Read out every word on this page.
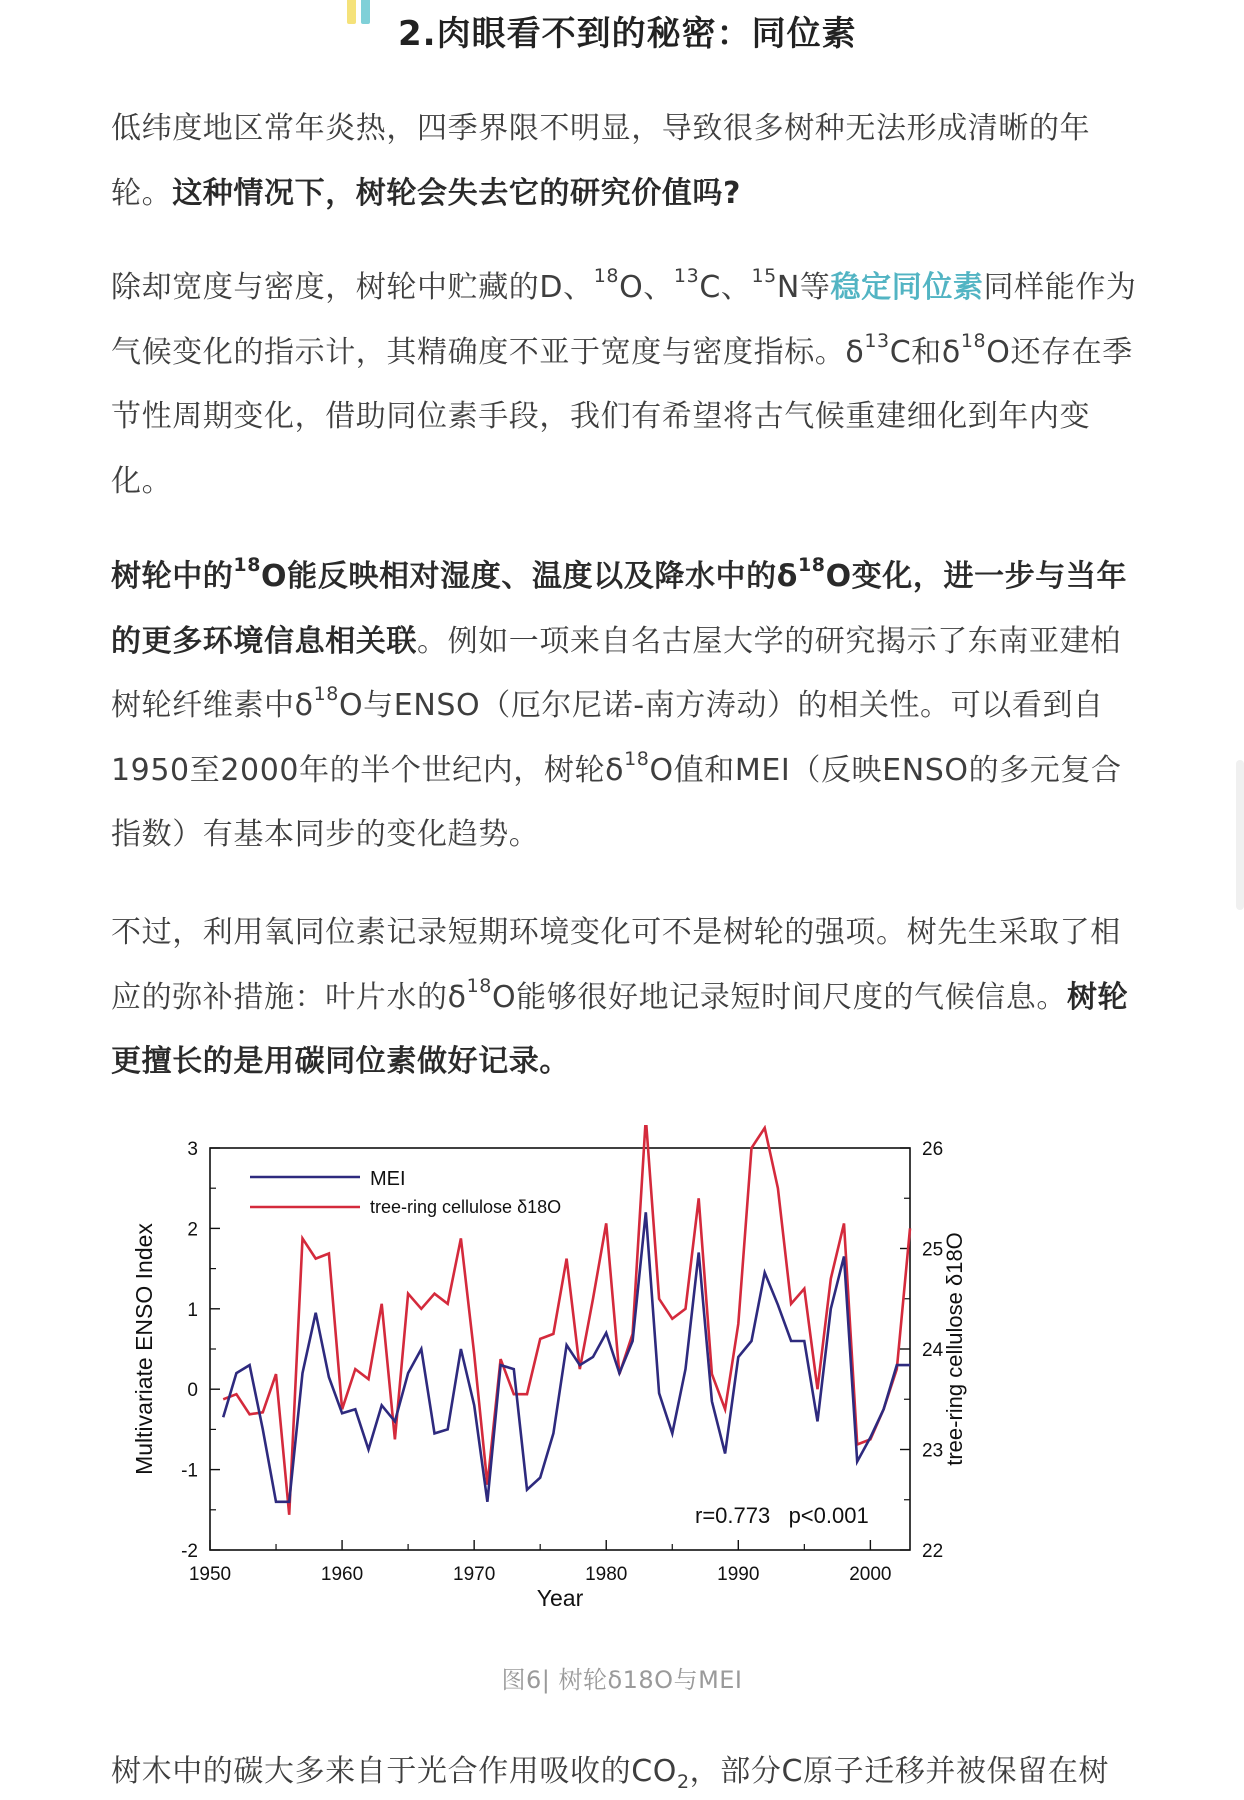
2.肉眼看不到的秘密：同位素

低纬度地区常年炎热，四季界限不明显，导致很多树种无法形成清晰的年轮。这种情况下，树轮会失去它的研究价值吗?

除却宽度与密度，树轮中贮藏的D、$^{18}$O、$^{13}$C、$^{15}$N等稳定同位素同样能作为气候变化的指示计，其精确度不亚于宽度与密度指标。$\delta^{13}C$和$\delta^{18}O$还存在季节性周期变化，借助同位素手段，我们有希望将古气候重建细化到年内变化。

树轮中的$^{18}$O能反映相对湿度、温度以及降水中的$\delta^{18}O$变化，进一步与当年的更多环境信息相关联。例如一项来自名古屋大学的研究揭示了东南亚建柏树轮纤维素中$\delta^{18}O$与ENSO（厄尔尼诺-南方涛动）的相关性。可以看到自1950至2000年的半个世纪内，树轮$\delta^{18}O$值和MEI（反映ENSO的多元复合指数）有基本同步的变化趋势。

不过，利用氧同位素记录短期环境变化可不是树轮的强项。树先生采取了相应的弥补措施：叶片水的$\delta^{18}O$能够很好地记录短时间尺度的气候信息。树轮更擅长的是用碳同位素做好记录。

1950	1960	1970	1980	1990	2000
-2
-1
0
1
2
3
22
23
24
25
26
MEI
tree-ring cellulose δ18O
r=0.773   p<0.001
Year
Multivariate ENSO Index	tree-ring cellulose δ18O
图6| 树轮δ18O与MEI

树木中的碳大多来自于光合作用吸收的$CO_2$，部分C原子迁移并被保留在树
